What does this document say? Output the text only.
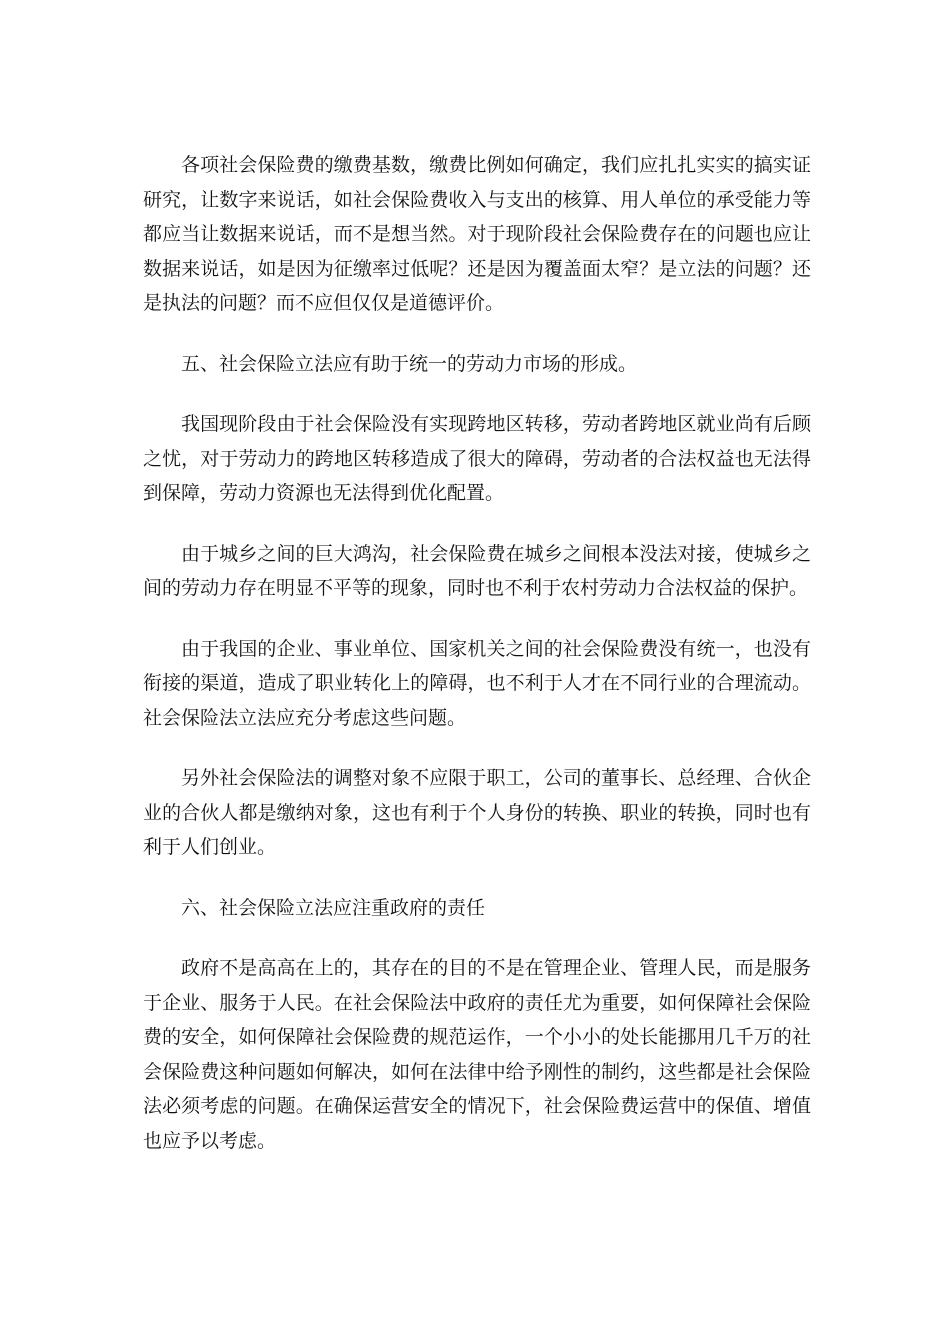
各项社会保险费的缴费基数，缴费比例如何确定，我们应扎扎实实的搞实证研究，让数字来说话，如社会保险费收入与支出的核算、用人单位的承受能力等都应当让数据来说话，而不是想当然。对于现阶段社会保险费存在的问题也应让数据来说话，如是因为征缴率过低呢？还是因为覆盖面太窄？是立法的问题？还是执法的问题？而不应但仅仅是道德评价。

五、社会保险立法应有助于统一的劳动力市场的形成。

我国现阶段由于社会保险没有实现跨地区转移，劳动者跨地区就业尚有后顾之忧，对于劳动力的跨地区转移造成了很大的障碍，劳动者的合法权益也无法得到保障，劳动力资源也无法得到优化配置。

由于城乡之间的巨大鸿沟，社会保险费在城乡之间根本没法对接，使城乡之间的劳动力存在明显不平等的现象，同时也不利于农村劳动力合法权益的保护。

由于我国的企业、事业单位、国家机关之间的社会保险费没有统一，也没有衔接的渠道，造成了职业转化上的障碍，也不利于人才在不同行业的合理流动。社会保险法立法应充分考虑这些问题。

另外社会保险法的调整对象不应限于职工，公司的董事长、总经理、合伙企业的合伙人都是缴纳对象，这也有利于个人身份的转换、职业的转换，同时也有利于人们创业。

六、社会保险立法应注重政府的责任

政府不是高高在上的，其存在的目的不是在管理企业、管理人民，而是服务于企业、服务于人民。在社会保险法中政府的责任尤为重要，如何保障社会保险费的安全，如何保障社会保险费的规范运作，一个小小的处长能挪用几千万的社会保险费这种问题如何解决，如何在法律中给予刚性的制约，这些都是社会保险法必须考虑的问题。在确保运营安全的情况下，社会保险费运营中的保值、增值也应予以考虑。
